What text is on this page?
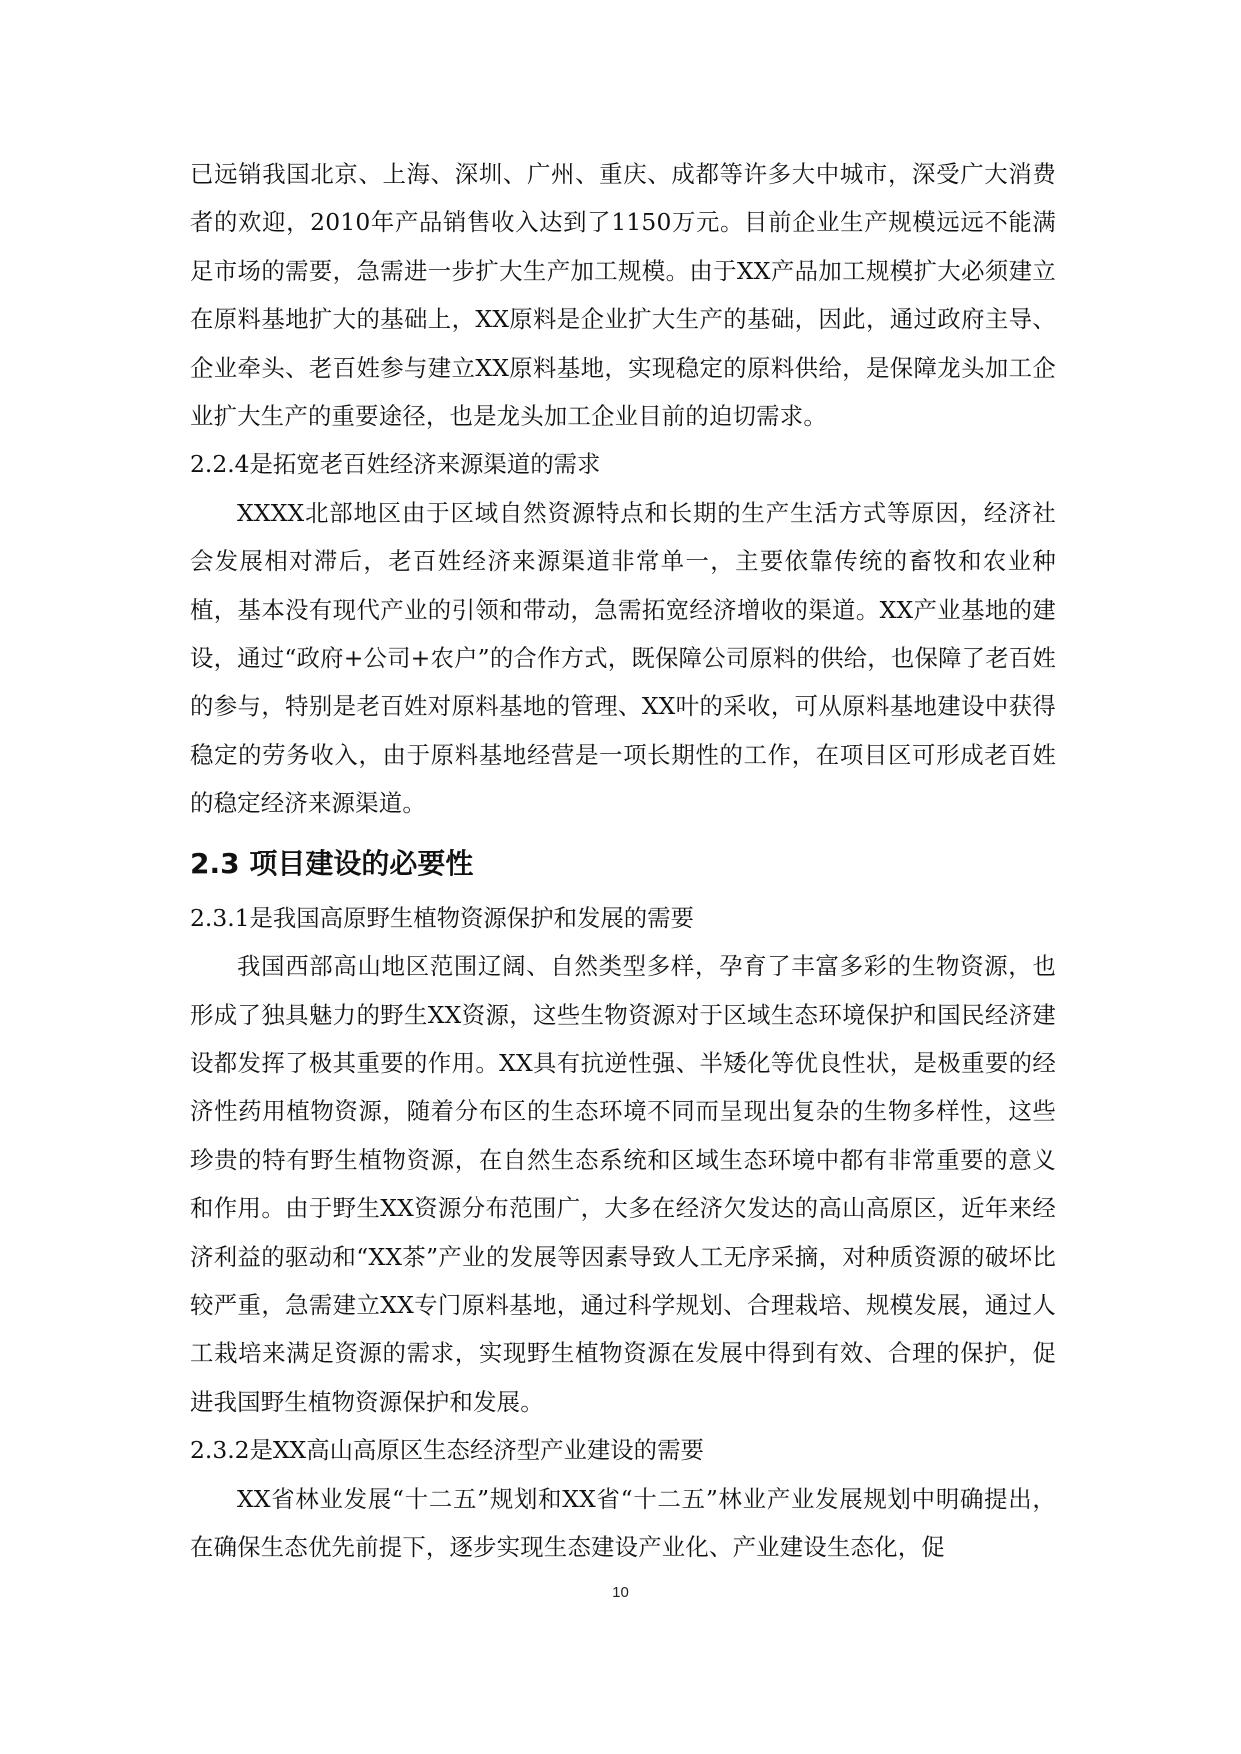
已远销我国北京、上海、深圳、广州、重庆、成都等许多大中城市，深受广大消费者的欢迎，2010年产品销售收入达到了1150万元。目前企业生产规模远远不能满足市场的需要，急需进一步扩大生产加工规模。由于XX产品加工规模扩大必须建立在原料基地扩大的基础上，XX原料是企业扩大生产的基础，因此，通过政府主导、企业牵头、老百姓参与建立XX原料基地，实现稳定的原料供给，是保障龙头加工企业扩大生产的重要途径，也是龙头加工企业目前的迫切需求。

2.2.4是拓宽老百姓经济来源渠道的需求

XXXX北部地区由于区域自然资源特点和长期的生产生活方式等原因，经济社会发展相对滞后，老百姓经济来源渠道非常单一，主要依靠传统的畜牧和农业种植，基本没有现代产业的引领和带动，急需拓宽经济增收的渠道。XX产业基地的建设，通过“政府+公司+农户”的合作方式，既保障公司原料的供给，也保障了老百姓的参与，特别是老百姓对原料基地的管理、XX叶的采收，可从原料基地建设中获得稳定的劳务收入，由于原料基地经营是一项长期性的工作，在项目区可形成老百姓的稳定经济来源渠道。

2.3 项目建设的必要性

2.3.1是我国高原野生植物资源保护和发展的需要

我国西部高山地区范围辽阔、自然类型多样，孕育了丰富多彩的生物资源，也形成了独具魅力的野生XX资源，这些生物资源对于区域生态环境保护和国民经济建设都发挥了极其重要的作用。XX具有抗逆性强、半矮化等优良性状，是极重要的经济性药用植物资源，随着分布区的生态环境不同而呈现出复杂的生物多样性，这些珍贵的特有野生植物资源，在自然生态系统和区域生态环境中都有非常重要的意义和作用。由于野生XX资源分布范围广，大多在经济欠发达的高山高原区，近年来经济利益的驱动和“XX茶”产业的发展等因素导致人工无序采摘，对种质资源的破坏比较严重，急需建立XX专门原料基地，通过科学规划、合理栽培、规模发展，通过人工栽培来满足资源的需求，实现野生植物资源在发展中得到有效、合理的保护，促进我国野生植物资源保护和发展。

2.3.2是XX高山高原区生态经济型产业建设的需要

XX省林业发展“十二五”规划和XX省“十二五”林业产业发展规划中明确提出，在确保生态优先前提下，逐步实现生态建设产业化、产业建设生态化，促

10
